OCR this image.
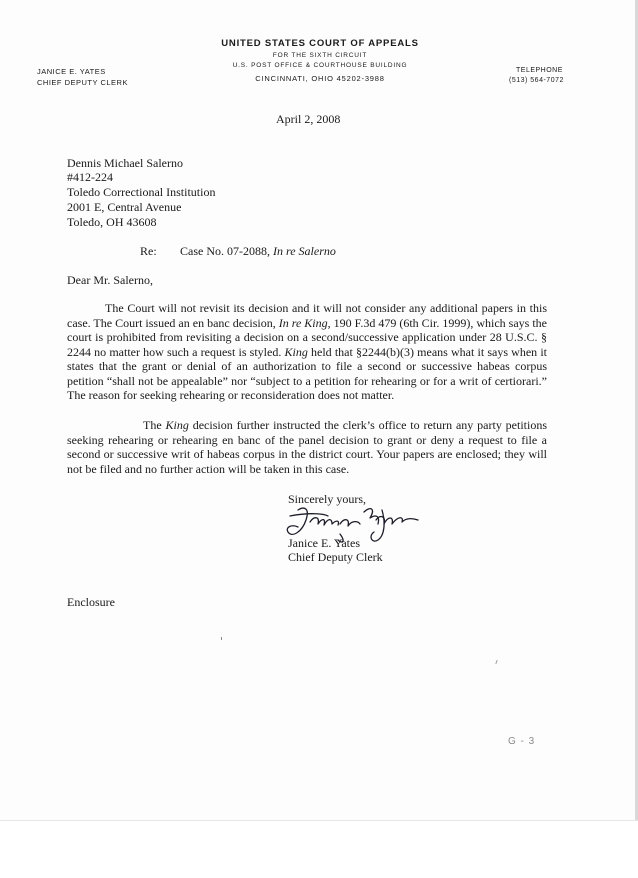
UNITED STATES COURT OF APPEALS
FOR THE SIXTH CIRCUIT
U.S. POST OFFICE & COURTHOUSE BUILDING
CINCINNATI, OHIO 45202-3988
JANICE E. YATES
CHIEF DEPUTY CLERK
TELEPHONE
(513) 564-7072
April 2, 2008
Dennis Michael Salerno
#412-224
Toledo Correctional Institution
2001 E, Central Avenue
Toledo, OH 43608
Re: Case No. 07-2088, In re Salerno
Dear Mr. Salerno,
The Court will not revisit its decision and it will not consider any additional papers in this case. The Court issued an en banc decision, In re King, 190 F.3d 479 (6th Cir. 1999), which says the court is prohibited from revisiting a decision on a second/successive application under 28 U.S.C. § 2244 no matter how such a request is styled. King held that §2244(b)(3) means what it says when it states that the grant or denial of an authorization to file a second or successive habeas corpus petition “shall not be appealable” nor “subject to a petition for rehearing or for a writ of certiorari.” The reason for seeking rehearing or reconsideration does not matter.
The King decision further instructed the clerk’s office to return any party petitions seeking rehearing or rehearing en banc of the panel decision to grant or deny a request to file a second or successive writ of habeas corpus in the district court. Your papers are enclosed; they will not be filed and no further action will be taken in this case.
Sincerely yours,
Janice E. Yates
Chief Deputy Clerk
Enclosure
G - 3
